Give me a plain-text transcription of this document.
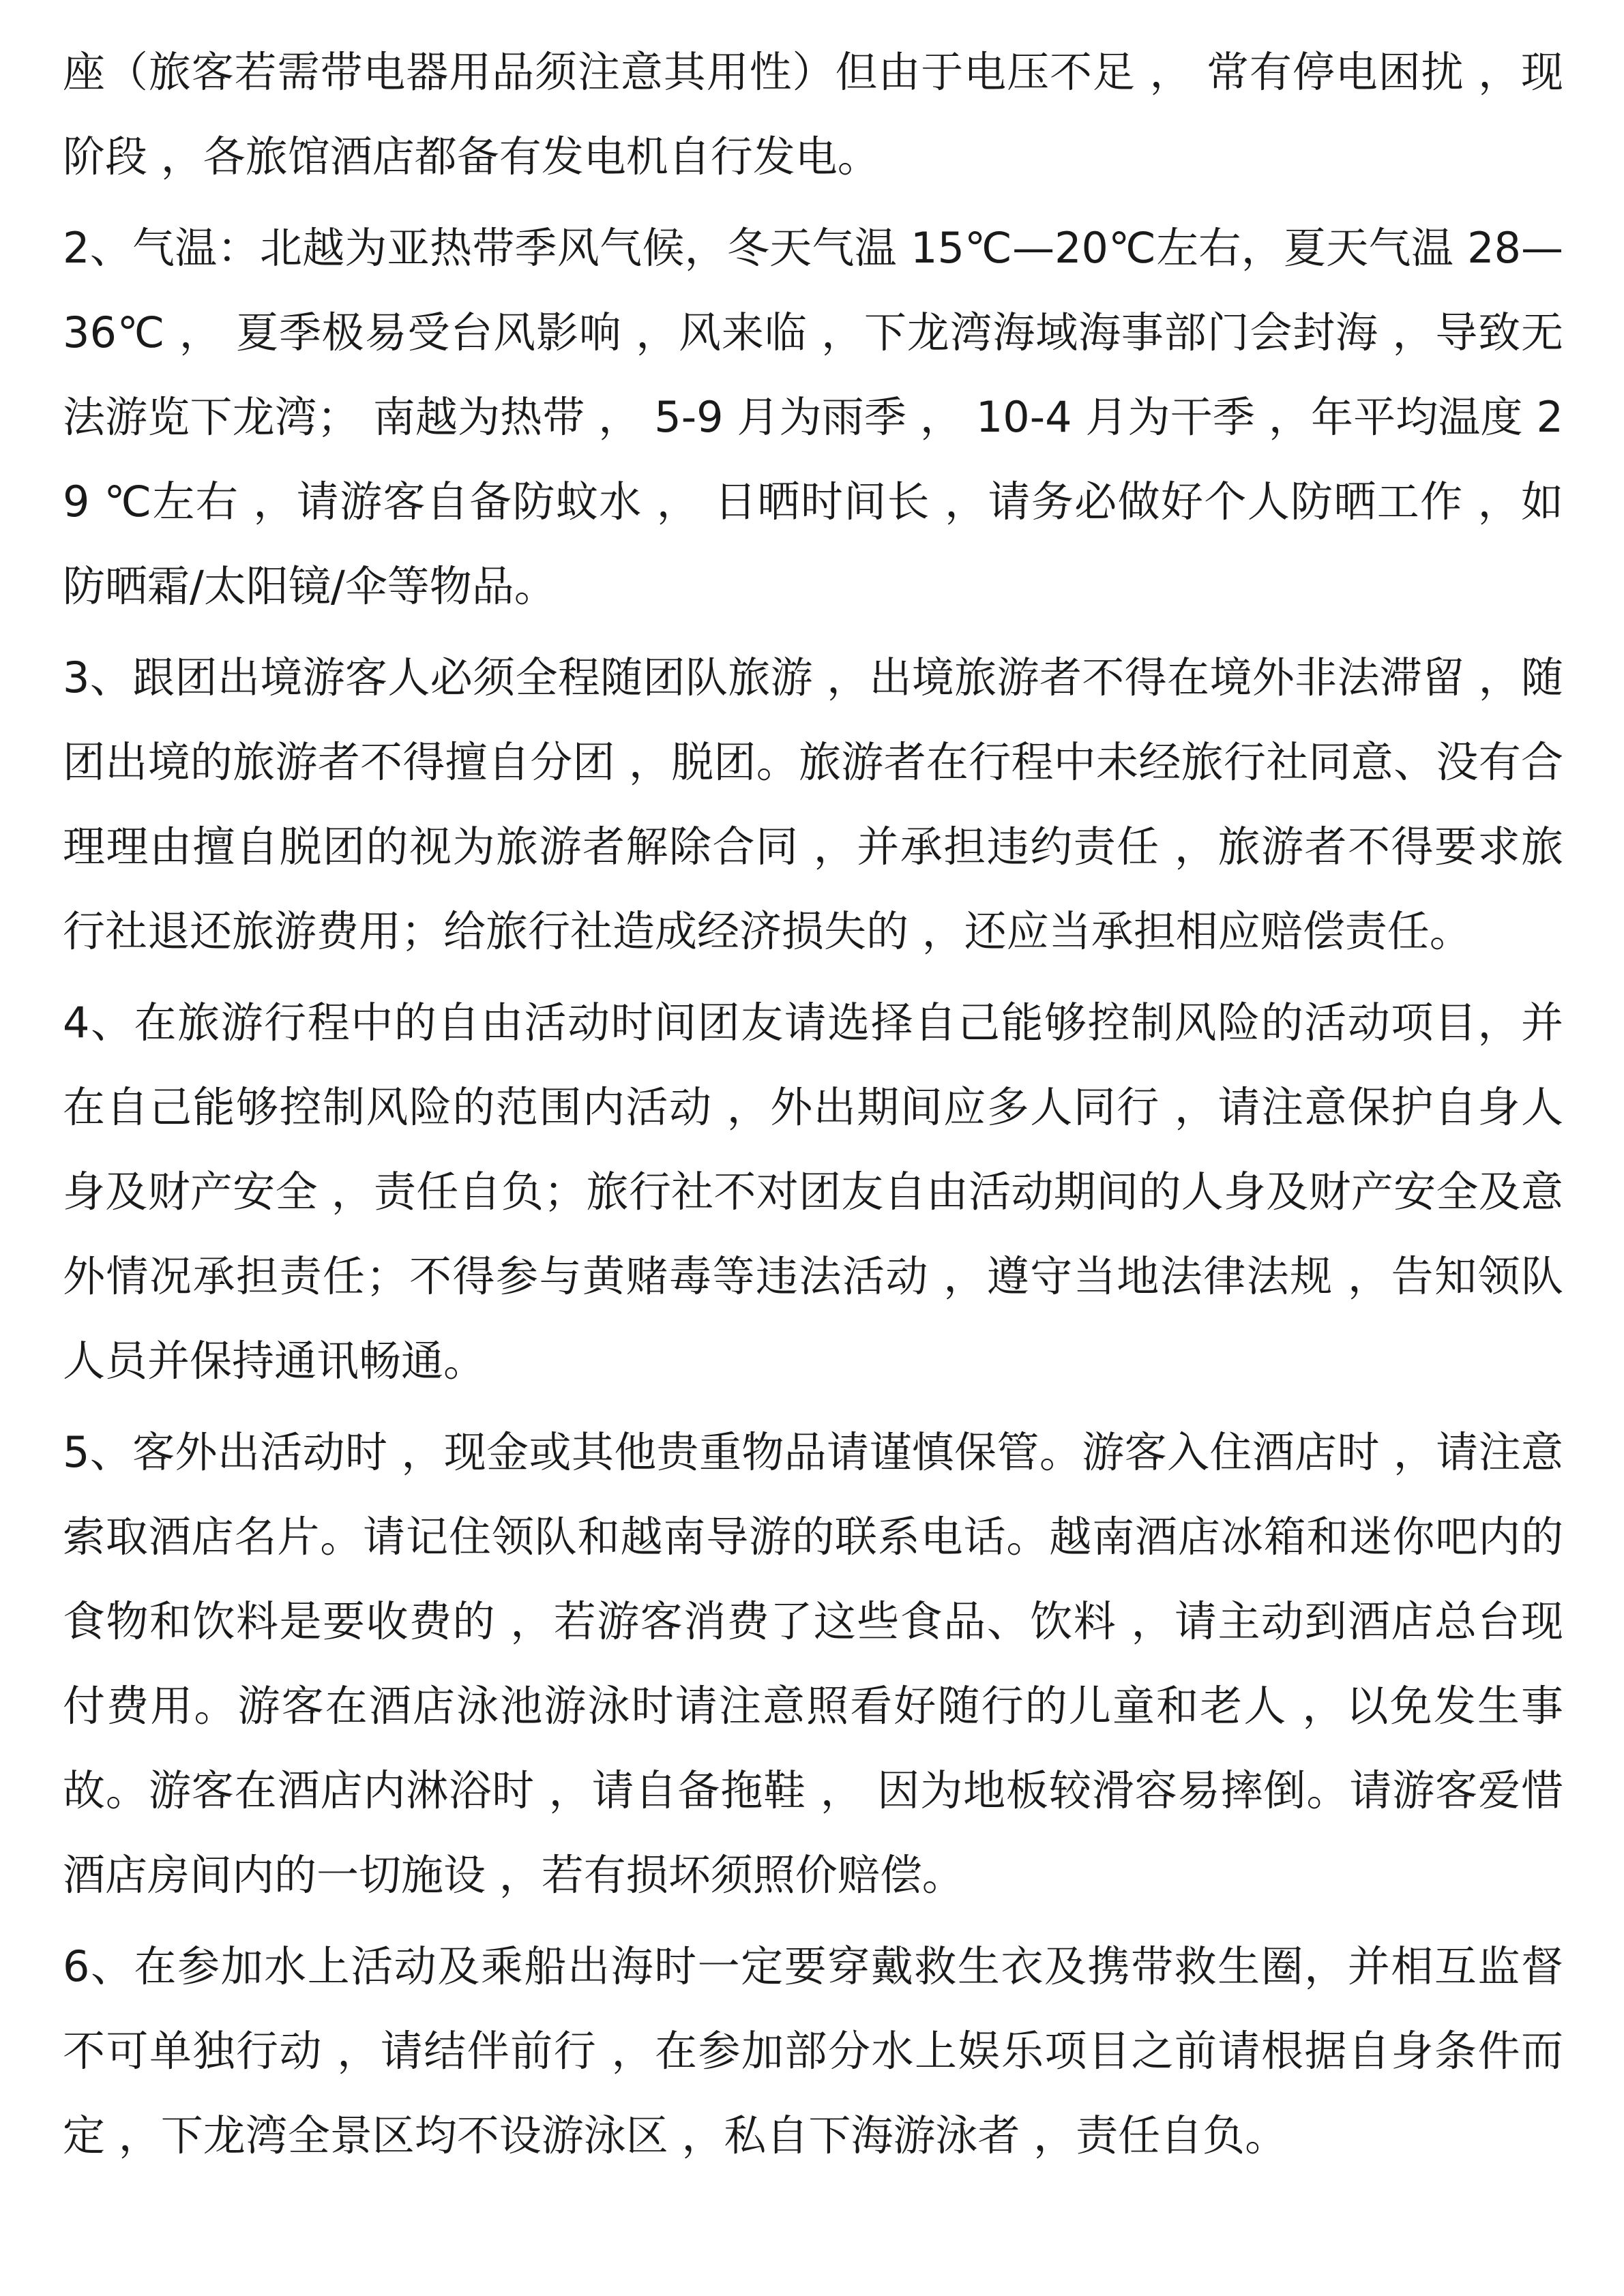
座（旅客若需带电器用品须注意其用性）但由于电压不足 ， 常有停电困扰 ，现阶段 ，各旅馆酒店都备有发电机自行发电。

2、气温：北越为亚热带季风气候，冬天气温 15℃—20℃左右，夏天气温 28—36℃ ， 夏季极易受台风影响 ，风来临 ，下龙湾海域海事部门会封海 ，导致无法游览下龙湾； 南越为热带 ， 5-9 月为雨季 ， 10-4 月为干季 ，年平均温度 2 9 ℃左右 ，请游客自备防蚊水 ， 日晒时间长 ，请务必做好个人防晒工作 ，如防晒霜/太阳镜/伞等物品。

3、跟团出境游客人必须全程随团队旅游 ，出境旅游者不得在境外非法滞留 ，随团出境的旅游者不得擅自分团 ，脱团。旅游者在行程中未经旅行社同意、没有合理理由擅自脱团的视为旅游者解除合同 ，并承担违约责任 ，旅游者不得要求旅行社退还旅游费用；给旅行社造成经济损失的 ，还应当承担相应赔偿责任。

4、在旅游行程中的自由活动时间团友请选择自己能够控制风险的活动项目，并在自己能够控制风险的范围内活动 ，外出期间应多人同行 ，请注意保护自身人身及财产安全 ，责任自负；旅行社不对团友自由活动期间的人身及财产安全及意外情况承担责任；不得参与黄赌毒等违法活动 ，遵守当地法律法规 ，告知领队人员并保持通讯畅通。

5、客外出活动时 ，现金或其他贵重物品请谨慎保管。游客入住酒店时 ，请注意索取酒店名片。请记住领队和越南导游的联系电话。越南酒店冰箱和迷你吧内的食物和饮料是要收费的 ，若游客消费了这些食品、饮料 ，请主动到酒店总台现付费用。游客在酒店泳池游泳时请注意照看好随行的儿童和老人 ，以免发生事故。游客在酒店内淋浴时 ，请自备拖鞋 ， 因为地板较滑容易摔倒。请游客爱惜酒店房间内的一切施设 ，若有损坏须照价赔偿。

6、在参加水上活动及乘船出海时一定要穿戴救生衣及携带救生圈，并相互监督不可单独行动 ，请结伴前行 ，在参加部分水上娱乐项目之前请根据自身条件而定 ，下龙湾全景区均不设游泳区 ，私自下海游泳者 ，责任自负。
